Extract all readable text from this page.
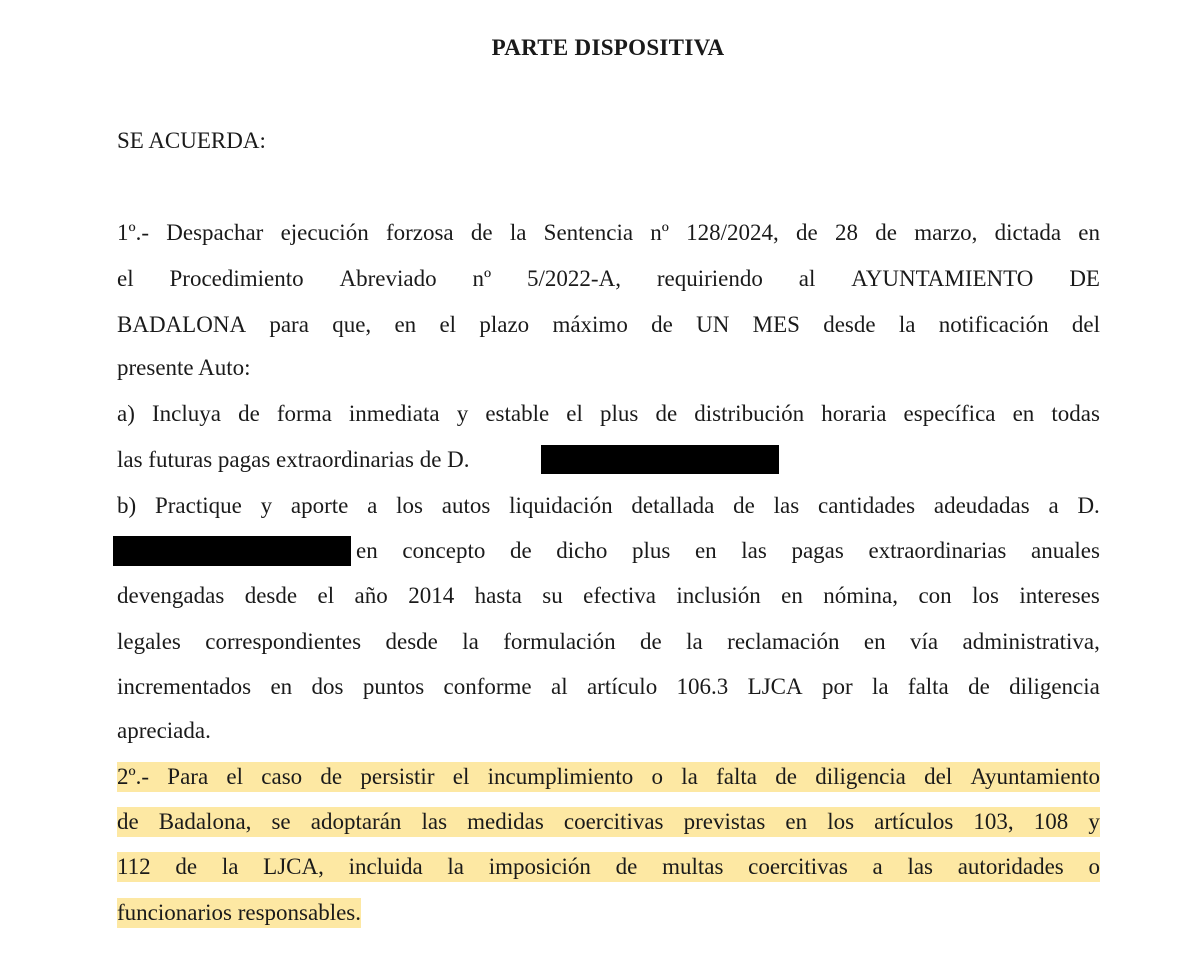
PARTE DISPOSITIVA
SE ACUERDA:
1º.- Despachar ejecución forzosa de la Sentencia nº 128/2024, de 28 de marzo, dictada en
el Procedimiento Abreviado nº 5/2022-A, requiriendo al AYUNTAMIENTO DE
BADALONA para que, en el plazo máximo de UN MES desde la notificación del
presente Auto:
a) Incluya de forma inmediata y estable el plus de distribución horaria específica en todas
las futuras pagas extraordinarias de D.
b) Practique y aporte a los autos liquidación detallada de las cantidades adeudadas a D.
en concepto de dicho plus en las pagas extraordinarias anuales
devengadas desde el año 2014 hasta su efectiva inclusión en nómina, con los intereses
legales correspondientes desde la formulación de la reclamación en vía administrativa,
incrementados en dos puntos conforme al artículo 106.3 LJCA por la falta de diligencia
apreciada.
2º.- Para el caso de persistir el incumplimiento o la falta de diligencia del Ayuntamiento
de Badalona, se adoptarán las medidas coercitivas previstas en los artículos 103, 108 y
112 de la LJCA, incluida la imposición de multas coercitivas a las autoridades o
funcionarios responsables.
